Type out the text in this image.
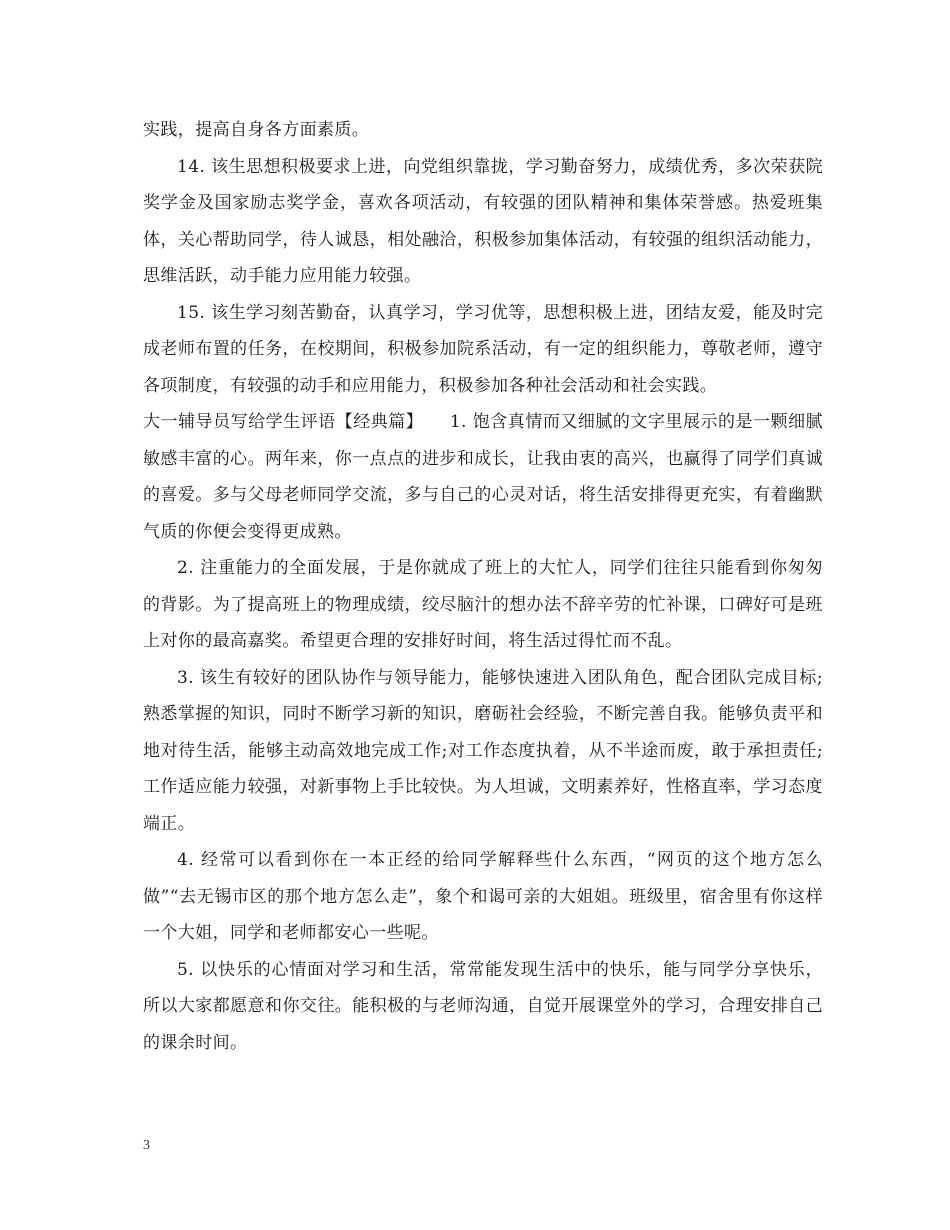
实践，提高自身各方面素质。

14. 该生思想积极要求上进，向党组织靠拢，学习勤奋努力，成绩优秀，多次荣获院奖学金及国家励志奖学金，喜欢各项活动，有较强的团队精神和集体荣誉感。热爱班集体，关心帮助同学，待人诚恳，相处融洽，积极参加集体活动，有较强的组织活动能力，思维活跃，动手能力应用能力较强。

15. 该生学习刻苦勤奋，认真学习，学习优等，思想积极上进，团结友爱，能及时完成老师布置的任务，在校期间，积极参加院系活动，有一定的组织能力，尊敬老师，遵守各项制度，有较强的动手和应用能力，积极参加各种社会活动和社会实践。

大一辅导员写给学生评语【经典篇】　　1. 饱含真情而又细腻的文字里展示的是一颗细腻敏感丰富的心。两年来，你一点点的进步和成长，让我由衷的高兴，也赢得了同学们真诚的喜爱。多与父母老师同学交流，多与自己的心灵对话，将生活安排得更充实，有着幽默气质的你便会变得更成熟。

2. 注重能力的全面发展，于是你就成了班上的大忙人，同学们往往只能看到你匆匆的背影。为了提高班上的物理成绩，绞尽脑汁的想办法不辞辛劳的忙补课，口碑好可是班上对你的最高嘉奖。希望更合理的安排好时间，将生活过得忙而不乱。

3. 该生有较好的团队协作与领导能力，能够快速进入团队角色，配合团队完成目标;熟悉掌握的知识，同时不断学习新的知识，磨砺社会经验，不断完善自我。能够负责平和地对待生活，能够主动高效地完成工作;对工作态度执着，从不半途而废，敢于承担责任;工作适应能力较强，对新事物上手比较快。为人坦诚，文明素养好，性格直率，学习态度端正。

4. 经常可以看到你在一本正经的给同学解释些什么东西，“网页的这个地方怎么做”“去无锡市区的那个地方怎么走”，象个和谒可亲的大姐姐。班级里，宿舍里有你这样一个大姐，同学和老师都安心一些呢。

5. 以快乐的心情面对学习和生活，常常能发现生活中的快乐，能与同学分享快乐，所以大家都愿意和你交往。能积极的与老师沟通，自觉开展课堂外的学习，合理安排自己的课余时间。

3
